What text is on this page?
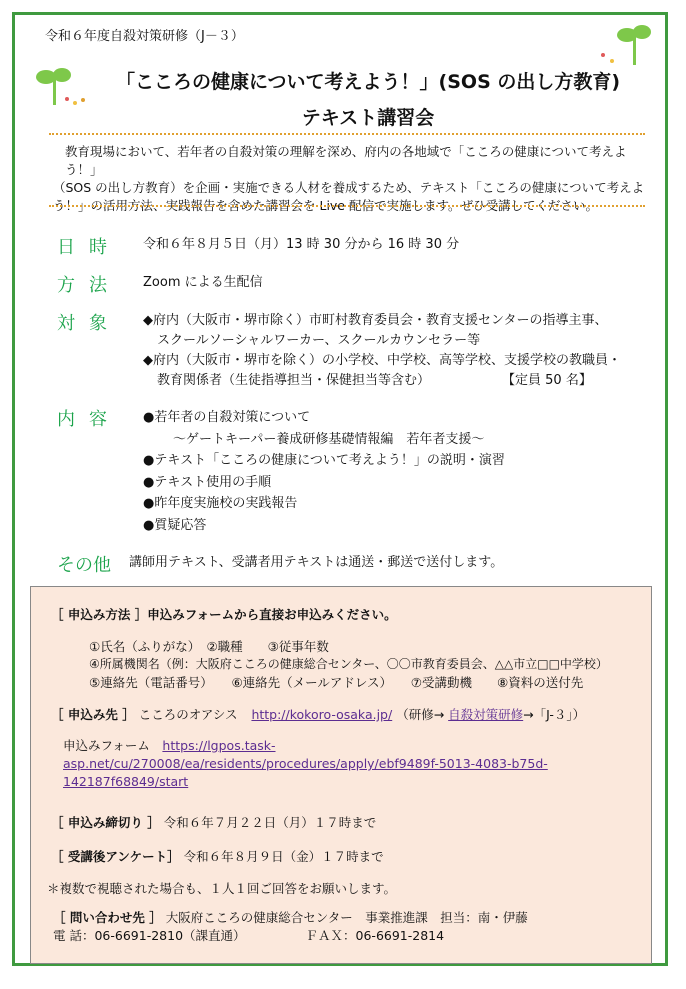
令和６年度自殺対策研修（J－３）
「こころの健康について考えよう！」(SOS の出し方教育)
テキスト講習会
教育現場において、若年者の自殺対策の理解を深め、府内の各地域で「こころの健康について考えよう！」
（SOS の出し方教育）を企画・実施できる人材を養成するため、テキスト「こころの健康について考えよ
う！」の活用方法、実践報告を含めた講習会を Live 配信で実施します。ぜひ受講してください。
日時 令和６年８月５日（月）13 時 30 分から 16 時 30 分
方法 Zoom による生配信
対象 ◆府内（大阪市・堺市除く）市町村教育委員会・教育支援センターの指導主事、

スクールソーシャルワーカー、スクールカウンセラー等

◆府内（大阪市・堺市を除く）の小学校、中学校、高等学校、支援学校の教職員・

教育関係者（生徒指導担当・保健担当等含む）	【定員 50 名】

内容 ●若年者の自殺対策について

～ゲートキーパー養成研修基礎情報編　若年者支援～

●テキスト「こころの健康について考えよう！」の説明・演習

●テキスト使用の手順

●昨年度実施校の実践報告

●質疑応答

その他 講師用テキスト、受講者用テキストは通送・郵送で送付します。
［ 申込み方法 ］申込みフォームから直接お申込みください。
①氏名（ふりがな）　②職種　　③従事年数
④所属機関名（例：大阪府こころの健康総合センター、〇〇市教育委員会、△△市立□□中学校）
⑤連絡先（電話番号）　　⑥連絡先（メールアドレス）　　⑦受講動機　　⑧資料の送付先
［ 申込み先 ］ こころのオアシス http://kokoro-osaka.jp/ （研修→ 自殺対策研修→「J-３」）
申込みフォーム　 https://lgpos.task-
asp.net/cu/270008/ea/residents/procedures/apply/ebf9489f-5013-4083-b75d-
142187f68849/start
［ 申込み締切り ］ 令和６年７月２２日（月）１７時まで
［ 受講後アンケート］ 令和６年８月９日（金）１７時まで
＊複数で視聴された場合も、１人１回ご回答をお願いします。
［ 問い合わせ先 ］ 大阪府こころの健康総合センター　事業推進課　担当：南・伊藤
電 話：06-6691-2810（課直通）	ＦＡＸ：06-6691-2814
